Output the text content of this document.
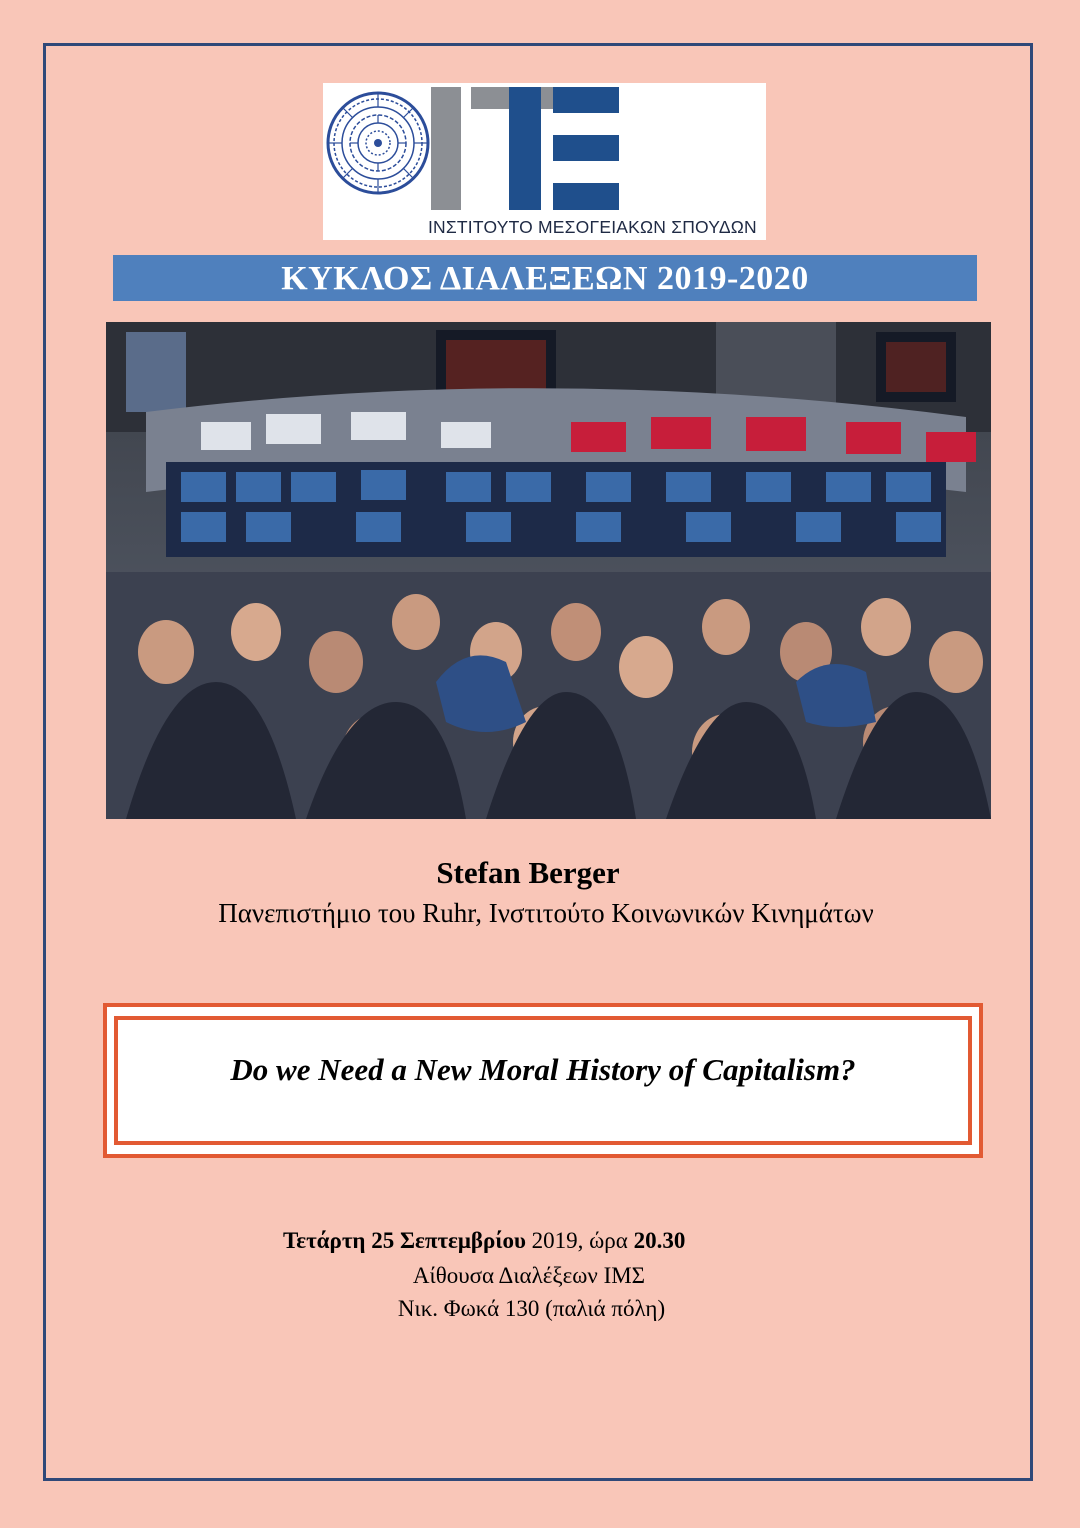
ΙΝΣΤΙΤΟΥΤΟ ΜΕΣΟΓΕΙΑΚΩΝ ΣΠΟΥΔΩΝ
ΚΥΚΛΟΣ ΔΙΑΛΕΞΕΩΝ 2019-2020
Stefan Berger
Πανεπιστήμιο του Ruhr, Ινστιτούτο Κοινωνικών Κινημάτων
Do we Need a New Moral History of Capitalism?
Τετάρτη 25 Σεπτεμβρίου 2019, ώρα 20.30
Αίθουσα Διαλέξεων ΙΜΣ
Νικ. Φωκά 130 (παλιά πόλη)
